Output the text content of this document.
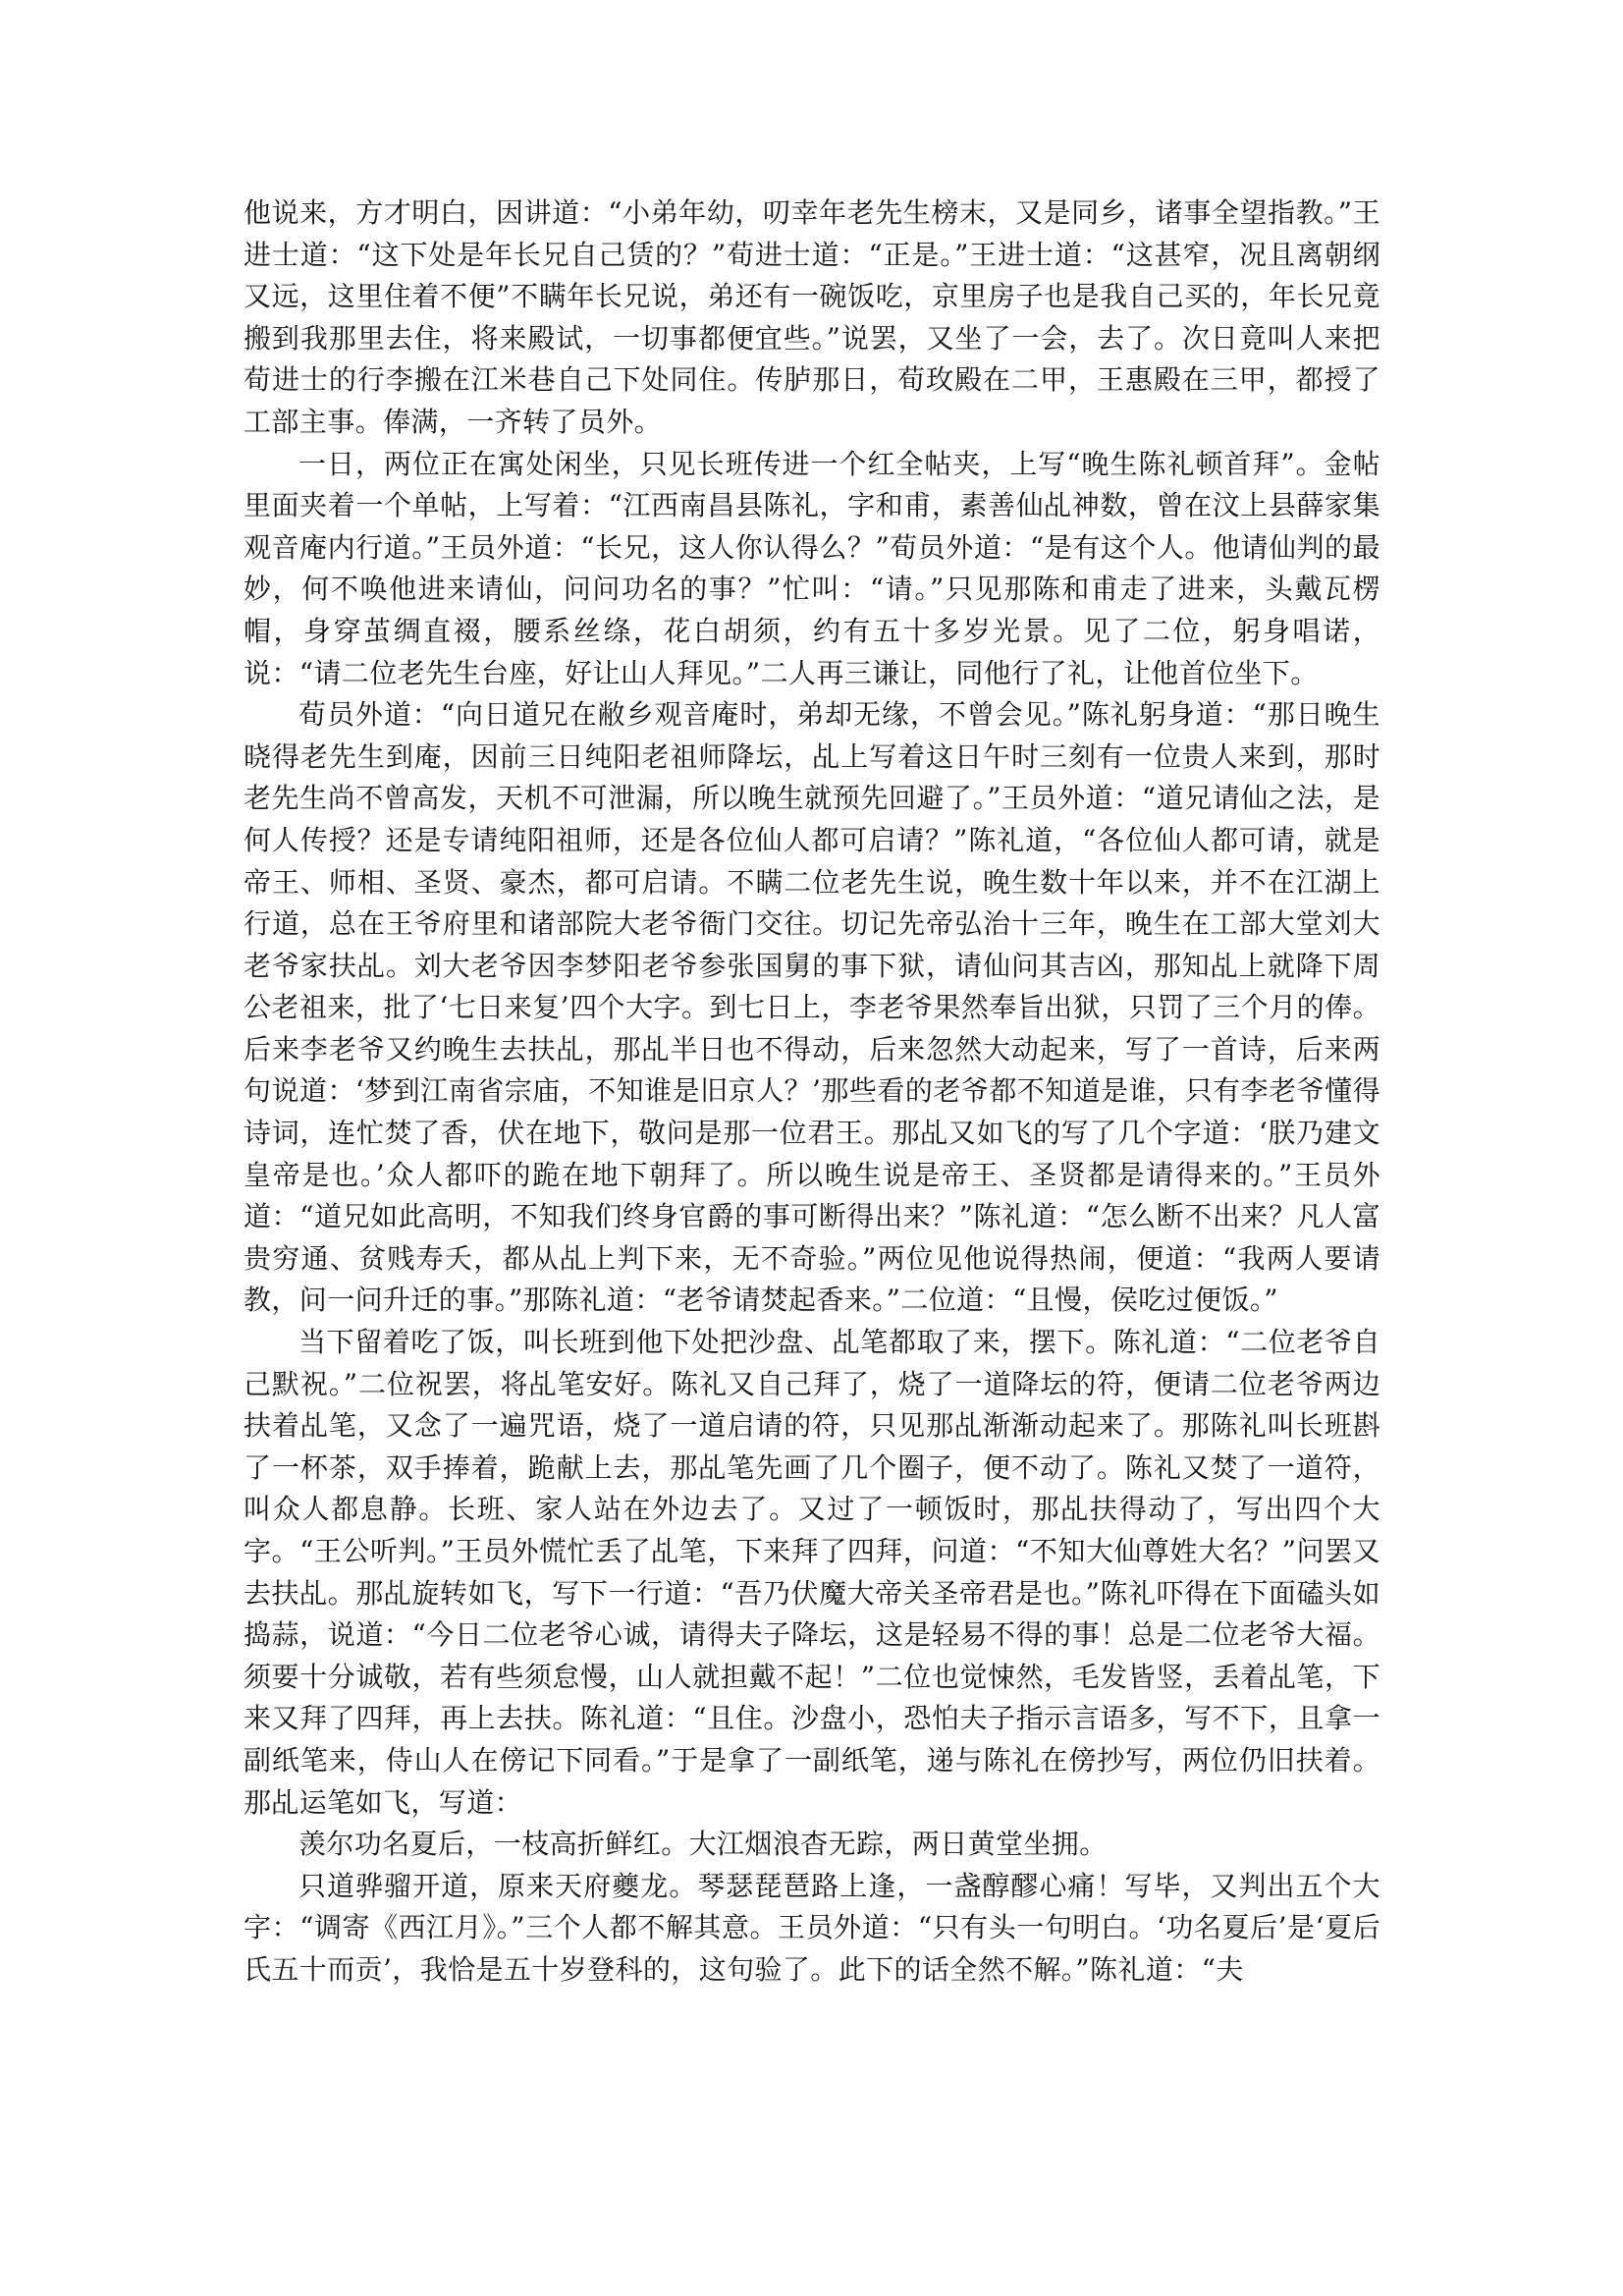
他说来，方才明白，因讲道：“小弟年幼，叨幸年老先生榜末，又是同乡，诸事全望指教。”王进士道：“这下处是年长兄自己赁的？”荀进士道：“正是。”王进士道：“这甚窄，况且离朝纲又远，这里住着不便”不瞒年长兄说，弟还有一碗饭吃，京里房子也是我自己买的，年长兄竟搬到我那里去住，将来殿试，一切事都便宜些。”说罢，又坐了一会，去了。次日竟叫人来把荀进士的行李搬在江米巷自己下处同住。传胪那日，荀玫殿在二甲，王惠殿在三甲，都授了工部主事。俸满，一齐转了员外。

一日，两位正在寓处闲坐，只见长班传进一个红全帖夹，上写“晚生陈礼顿首拜”。金帖里面夹着一个单帖，上写着：“江西南昌县陈礼，字和甫，素善仙乩神数，曾在汶上县薛家集观音庵内行道。”王员外道：“长兄，这人你认得么？”荀员外道：“是有这个人。他请仙判的最妙，何不唤他进来请仙，问问功名的事？”忙叫：“请。”只见那陈和甫走了进来，头戴瓦楞帽，身穿茧绸直裰，腰系丝绦，花白胡须，约有五十多岁光景。见了二位，躬身唱诺，说：“请二位老先生台座，好让山人拜见。”二人再三谦让，同他行了礼，让他首位坐下。

荀员外道：“向日道兄在敝乡观音庵时，弟却无缘，不曾会见。”陈礼躬身道：“那日晚生晓得老先生到庵，因前三日纯阳老祖师降坛，乩上写着这日午时三刻有一位贵人来到，那时老先生尚不曾高发，天机不可泄漏，所以晚生就预先回避了。”王员外道：“道兄请仙之法，是何人传授？还是专请纯阳祖师，还是各位仙人都可启请？”陈礼道，“各位仙人都可请，就是帝王、师相、圣贤、豪杰，都可启请。不瞒二位老先生说，晚生数十年以来，并不在江湖上行道，总在王爷府里和诸部院大老爷衙门交往。切记先帝弘治十三年，晚生在工部大堂刘大老爷家扶乩。刘大老爷因李梦阳老爷参张国舅的事下狱，请仙问其吉凶，那知乩上就降下周公老祖来，批了‘七日来复’四个大字。到七日上，李老爷果然奉旨出狱，只罚了三个月的俸。后来李老爷又约晚生去扶乩，那乩半日也不得动，后来忽然大动起来，写了一首诗，后来两句说道：‘梦到江南省宗庙，不知谁是旧京人？’那些看的老爷都不知道是谁，只有李老爷懂得诗词，连忙焚了香，伏在地下，敬问是那一位君王。那乩又如飞的写了几个字道：‘朕乃建文皇帝是也。’众人都吓的跪在地下朝拜了。所以晚生说是帝王、圣贤都是请得来的。”王员外道：“道兄如此高明，不知我们终身官爵的事可断得出来？”陈礼道：“怎么断不出来？凡人富贵穷通、贫贱寿夭，都从乩上判下来，无不奇验。”两位见他说得热闹，便道：“我两人要请教，问一问升迁的事。”那陈礼道：“老爷请焚起香来。”二位道：“且慢，侯吃过便饭。”

当下留着吃了饭，叫长班到他下处把沙盘、乩笔都取了来，摆下。陈礼道：“二位老爷自己默祝。”二位祝罢，将乩笔安好。陈礼又自己拜了，烧了一道降坛的符，便请二位老爷两边扶着乩笔，又念了一遍咒语，烧了一道启请的符，只见那乩渐渐动起来了。那陈礼叫长班斟了一杯茶，双手捧着，跪献上去，那乩笔先画了几个圈子，便不动了。陈礼又焚了一道符，叫众人都息静。长班、家人站在外边去了。又过了一顿饭时，那乩扶得动了，写出四个大字。“王公听判。”王员外慌忙丢了乩笔，下来拜了四拜，问道：“不知大仙尊姓大名？”问罢又去扶乩。那乩旋转如飞，写下一行道：“吾乃伏魔大帝关圣帝君是也。”陈礼吓得在下面磕头如捣蒜，说道：“今日二位老爷心诚，请得夫子降坛，这是轻易不得的事！总是二位老爷大福。须要十分诚敬，若有些须怠慢，山人就担戴不起！”二位也觉悚然，毛发皆竖，丢着乩笔，下来又拜了四拜，再上去扶。陈礼道：“且住。沙盘小，恐怕夫子指示言语多，写不下，且拿一副纸笔来，侍山人在傍记下同看。”于是拿了一副纸笔，递与陈礼在傍抄写，两位仍旧扶着。那乩运笔如飞，写道：

羡尔功名夏后，一枝高折鲜红。大江烟浪杳无踪，两日黄堂坐拥。

只道骅骝开道，原来天府夔龙。琴瑟琵琶路上逢，一盏醇醪心痛！写毕，又判出五个大字：“调寄《西江月》。”三个人都不解其意。王员外道：“只有头一句明白。‘功名夏后’是‘夏后氏五十而贡’，我恰是五十岁登科的，这句验了。此下的话全然不解。”陈礼道：“夫
